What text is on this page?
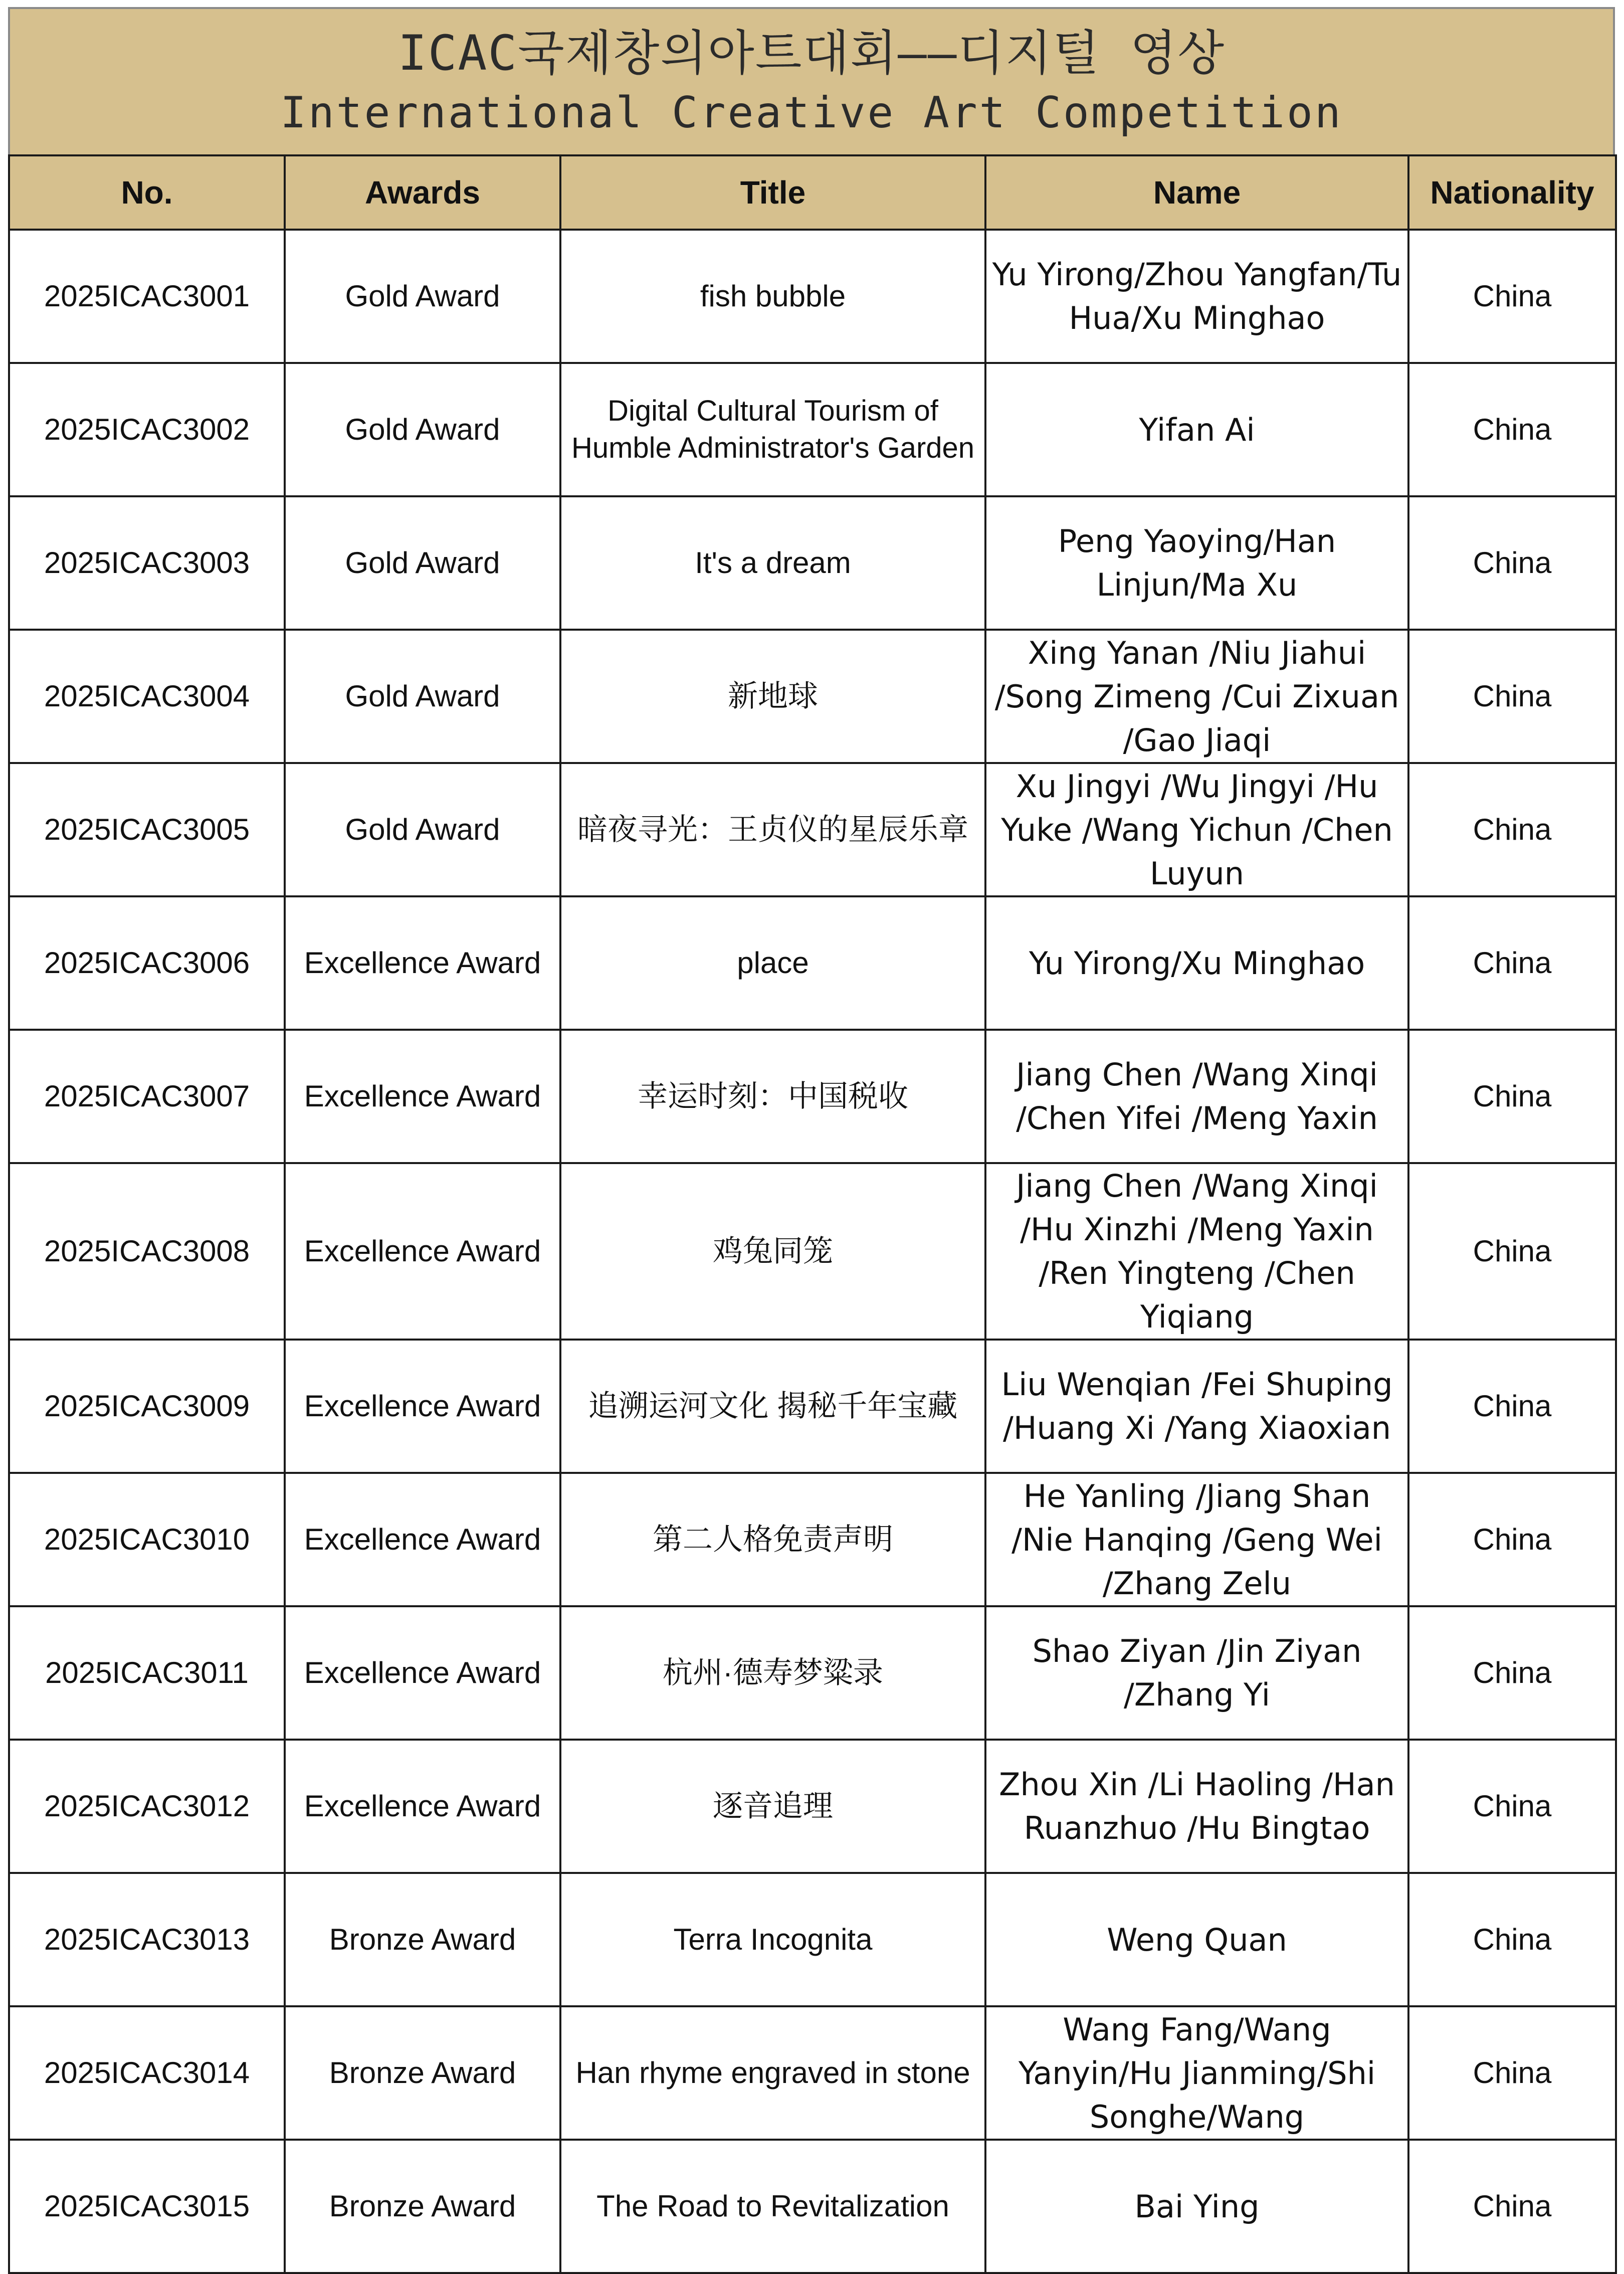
ICAC국제창의아트대회——디지털 영상
International Creative Art Competition
No.	Awards	Title	Name	Nationality
2025ICAC3001	Gold Award	fish bubble	Yu Yirong/Zhou Yangfan/Tu Hua/Xu Minghao	China
2025ICAC3002	Gold Award	Digital Cultural Tourism of Humble Administrator's Garden	Yifan Ai	China
2025ICAC3003	Gold Award	It's a dream	Peng Yaoying/Han Linjun/Ma Xu	China
2025ICAC3004	Gold Award	新地球	Xing Yanan /Niu Jiahui /Song Zimeng /Cui Zixuan /Gao Jiaqi	China
2025ICAC3005	Gold Award	暗夜寻光：王贞仪的星辰乐章	Xu Jingyi /Wu Jingyi /Hu Yuke /Wang Yichun /Chen Luyun	China
2025ICAC3006	Excellence Award	place	Yu Yirong/Xu Minghao	China
2025ICAC3007	Excellence Award	幸运时刻：中国税收	Jiang Chen /Wang Xinqi /Chen Yifei /Meng Yaxin	China
2025ICAC3008	Excellence Award	鸡兔同笼	Jiang Chen /Wang Xinqi /Hu Xinzhi /Meng Yaxin /Ren Yingteng /Chen Yiqiang	China
2025ICAC3009	Excellence Award	追溯运河文化 揭秘千年宝藏	Liu Wenqian /Fei Shuping /Huang Xi /Yang Xiaoxian	China
2025ICAC3010	Excellence Award	第二人格免责声明	He Yanling /Jiang Shan /Nie Hanqing /Geng Wei /Zhang Zelu	China
2025ICAC3011	Excellence Award	杭州·德寿梦粱录	Shao Ziyan /Jin Ziyan /Zhang Yi	China
2025ICAC3012	Excellence Award	逐音追理	Zhou Xin /Li Haoling /Han Ruanzhuo /Hu Bingtao	China
2025ICAC3013	Bronze Award	Terra Incognita	Weng Quan	China
2025ICAC3014	Bronze Award	Han rhyme engraved in stone	Wang Fang/Wang Yanyin/Hu Jianming/Shi Songhe/Wang	China
2025ICAC3015	Bronze Award	The Road to Revitalization	Bai Ying	China
